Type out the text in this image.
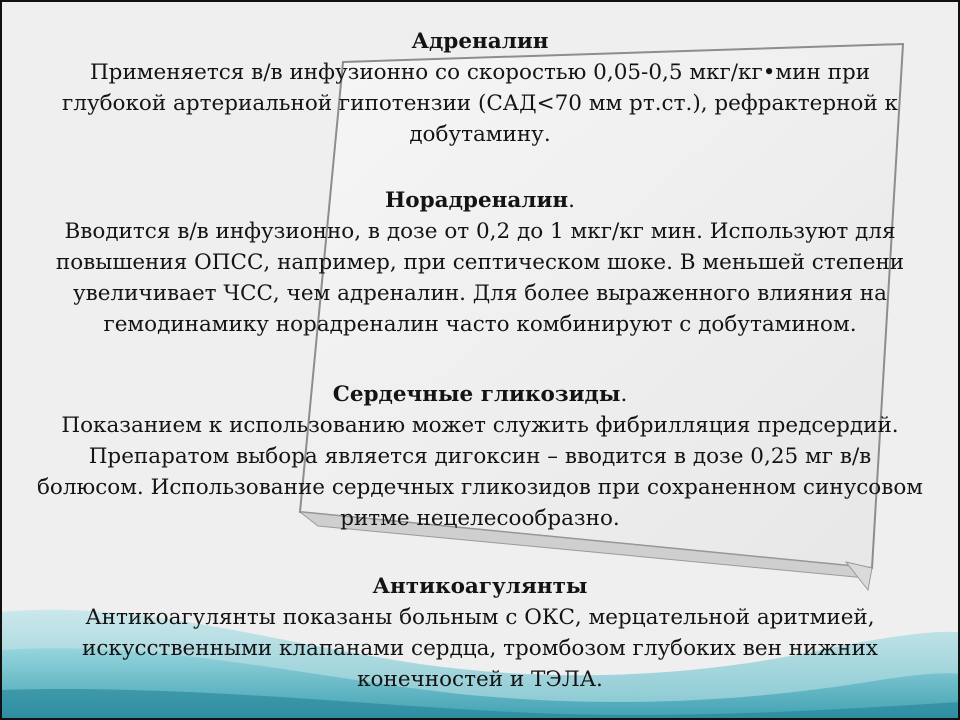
Адреналин

Применяется в/в инфузионно со скоростью 0,05-0,5 мкг/кг•мин при
глубокой артериальной гипотензии (САД<70 мм рт.ст.), рефрактерной к
добутамину.

Норадреналин.

Вводится в/в инфузионно, в дозе от 0,2 до 1 мкг/кг мин. Используют для
повышения ОПСС, например, при септическом шоке. В меньшей степени
увеличивает ЧСС, чем адреналин. Для более выраженного влияния на
гемодинамику норадреналин часто комбинируют с добутамином.

Сердечные гликозиды.

Показанием к использованию может служить фибрилляция предсердий.
Препаратом выбора является дигоксин – вводится в дозе 0,25 мг в/в
болюсом. Использование сердечных гликозидов при сохраненном синусовом
ритме нецелесообразно.

Антикоагулянты

Антикоагулянты показаны больным с ОКС, мерцательной аритмией,
искусственными клапанами сердца, тромбозом глубоких вен нижних
конечностей и ТЭЛА.
